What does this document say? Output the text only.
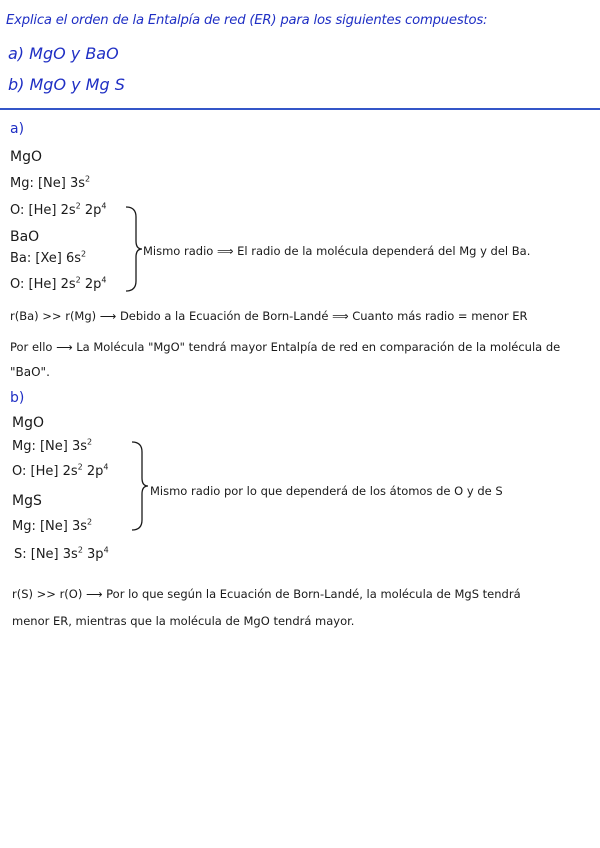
Explica el orden de la Entalpía de red (ER) para los siguientes compuestos:
a) MgO y BaO
b) MgO y Mg S
a)
MgO
Mg: [Ne] $3s^2$
O: [He] $2s^2$ $2p^4$
BaO
Ba: [Xe] $6s^2$
O: [He] $2s^2$ $2p^4$
Mismo radio ⟹ El radio de la molécula dependerá del Mg y del Ba.
r(Ba) >> r(Mg) ⟶ Debido a la Ecuación de Born-Landé ⟹ Cuanto más radio = menor ER
Por ello ⟶ La Molécula "MgO" tendrá mayor Entalpía de red en comparación de la molécula de
"BaO".
b)
MgO
Mg: [Ne] $3s^2$
O: [He] $2s^2$ $2p^4$
MgS
Mg: [Ne] $3s^2$
S: [Ne] $3s^2$ $3p^4$
Mismo radio por lo que dependerá de los átomos de O y de S
r(S) >> r(O) ⟶ Por lo que según la Ecuación de Born-Landé, la molécula de MgS tendrá
menor ER, mientras que la molécula de MgO tendrá mayor.
